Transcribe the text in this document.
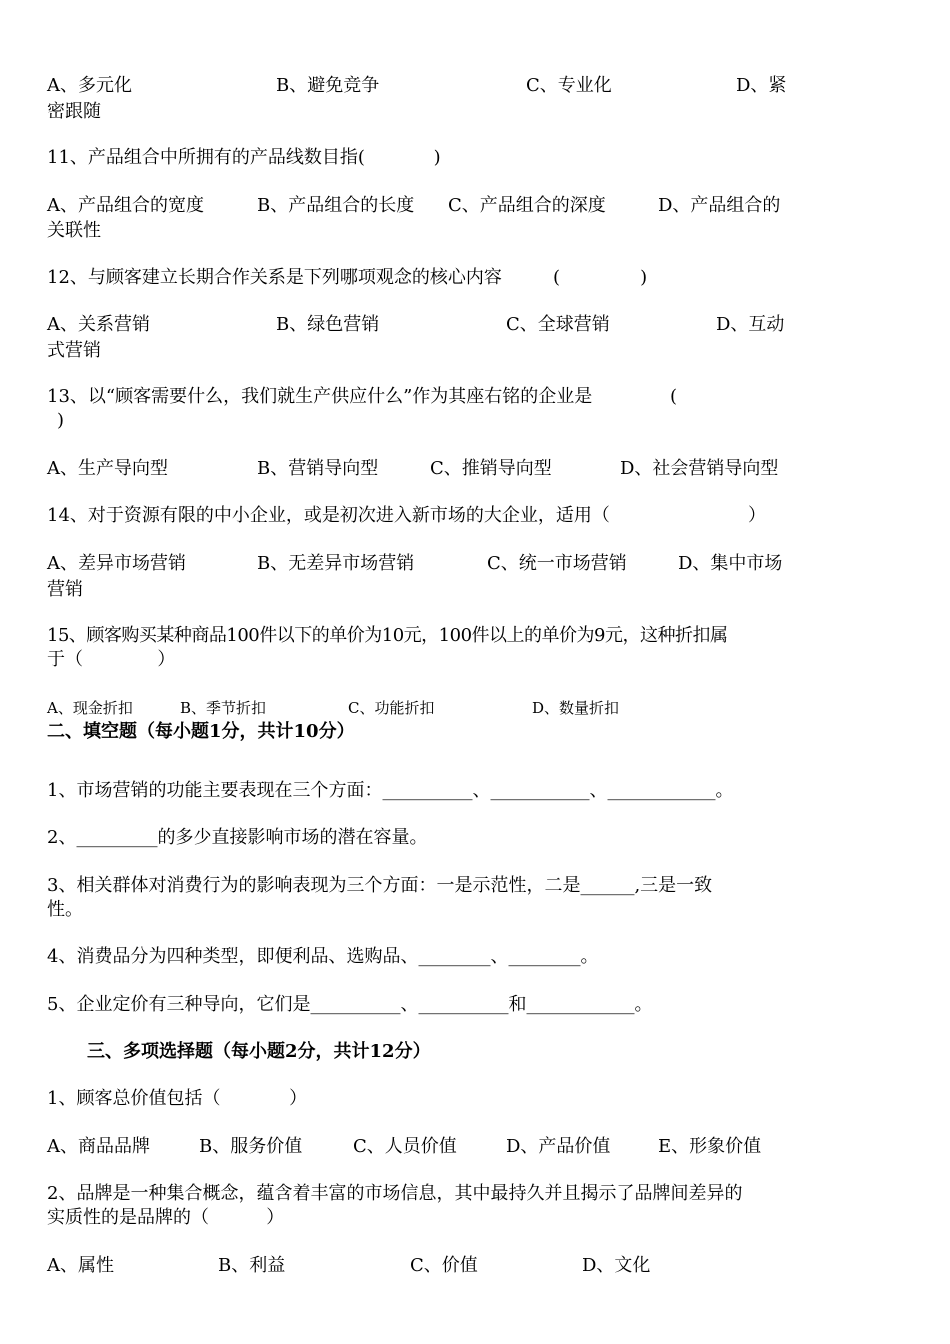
A、多元化	B、避免竞争	C、专业化	D、紧
密跟随
11、产品组合中所拥有的产品线数目指(            )
A、产品组合的宽度	B、产品组合的长度 C、产品组合的深度	D、产品组合的
关联性
12、与顾客建立长期合作关系是下列哪项观念的核心内容	(              )
A、关系营销	B、绿色营销	C、全球营销	D、互动
式营销
13、以“顾客需要什么，我们就生产供应什么”作为其座右铭的企业是	(
)
A、生产导向型	B、营销导向型	C、推销导向型	D、社会营销导向型
14、对于资源有限的中小企业，或是初次进入新市场的大企业，适用（	）
A、差异市场营销	B、无差异市场营销	C、统一市场营销	D、集中市场
营销
15、顾客购买某种商品100件以下的单价为10元，100件以上的单价为9元，这种折扣属
于（             ）
A、现金折扣	B、季节折扣	C、功能折扣	D、数量折扣
二、填空题（每小题1分，共计10分）
1、市场营销的功能主要表现在三个方面：__________、___________、____________。
2、_________的多少直接影响市场的潜在容量。
3、相关群体对消费行为的影响表现为三个方面：一是示范性，二是______,三是一致
性。
4、消费品分为四种类型，即便利品、选购品、________、________。
5、企业定价有三种导向，它们是__________、__________和____________。
三、多项选择题（每小题2分，共计12分）
1、顾客总价值包括（            ）
A、商品品牌	B、服务价值	C、人员价值	D、产品价值	E、形象价值
2、品牌是一种集合概念，蕴含着丰富的市场信息，其中最持久并且揭示了品牌间差异的
实质性的是品牌的（          ）
A、属性	B、利益	C、价值	D、文化
